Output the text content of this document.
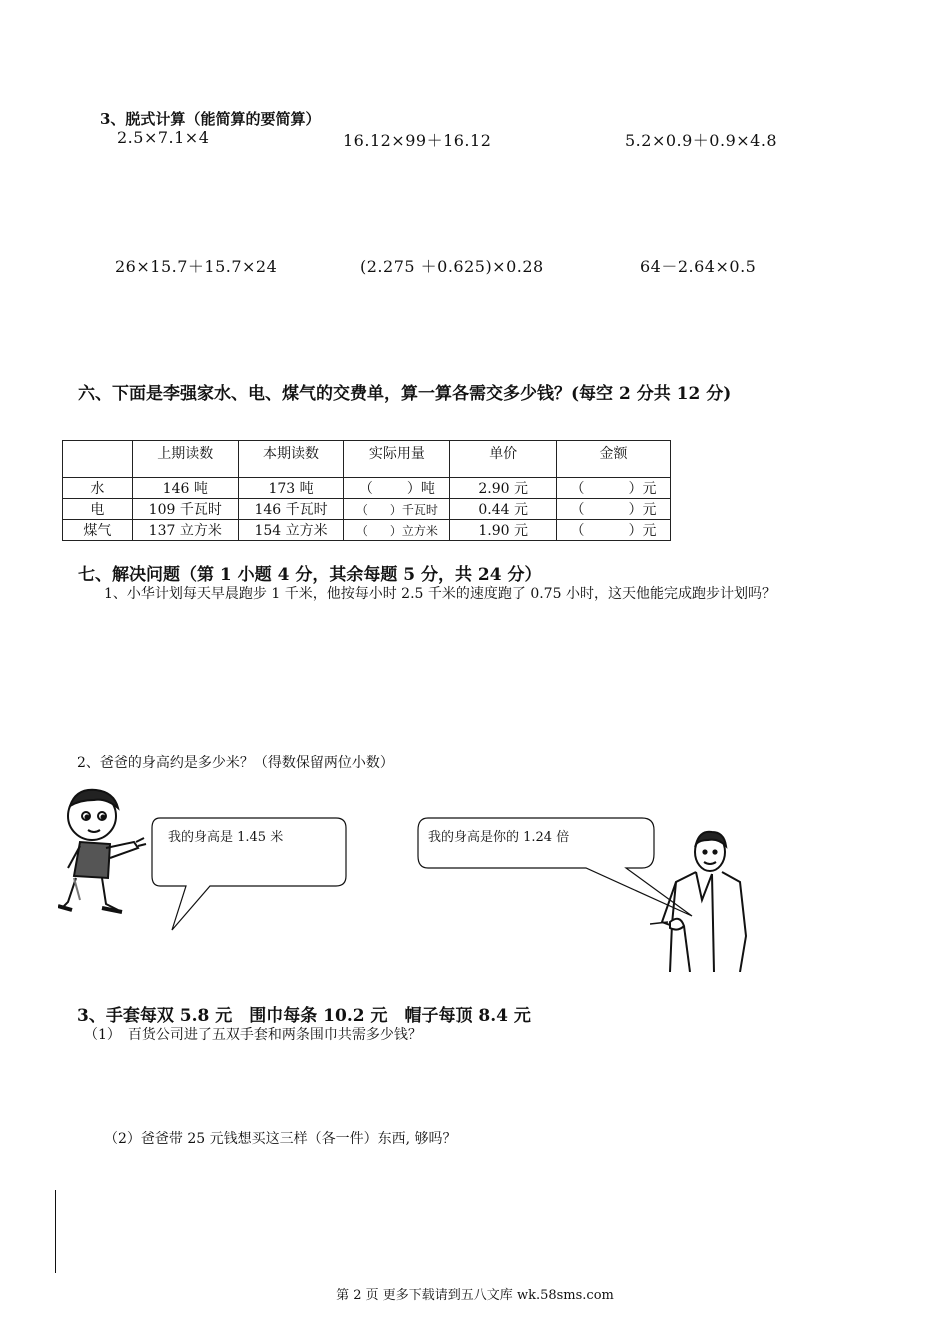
3、脱式计算（能简算的要简算）
2.5×7.1×4	16.12×99＋16.12	5.2×0.9＋0.9×4.8
26×15.7＋15.7×24	(2.275 ＋0.625)×0.28	64－2.64×0.5
六、下面是李强家水、电、煤气的交费单，算一算各需交多少钱？(每空 2 分共 12 分)
	上期读数	本期读数	实际用量	单价	金额
水	146 吨	173 吨	（ ）吨	2.90 元	（ ）元
电	109 千瓦时	146 千瓦时	（ ）千瓦时	0.44 元	（ ）元
煤气	137 立方米	154 立方米	（ ）立方米	1.90 元	（ ）元
七、解决问题（第 1 小题 4 分，其余每题 5 分，共 24 分）
1、小华计划每天早晨跑步 1 千米，他按每小时 2.5 千米的速度跑了 0.75 小时，这天他能完成跑步计划吗？
2、爸爸的身高约是多少米？（得数保留两位小数）
我的身高是 1.45 米	我的身高是你的 1.24 倍
3、手套每双 5.8 元　围巾每条 10.2 元　帽子每顶 8.4 元
（1）　百货公司进了五双手套和两条围巾共需多少钱？
（2）爸爸带 25 元钱想买这三样（各一件）东西, 够吗？
第 2 页 更多下载请到五八文库 wk.58sms.com
